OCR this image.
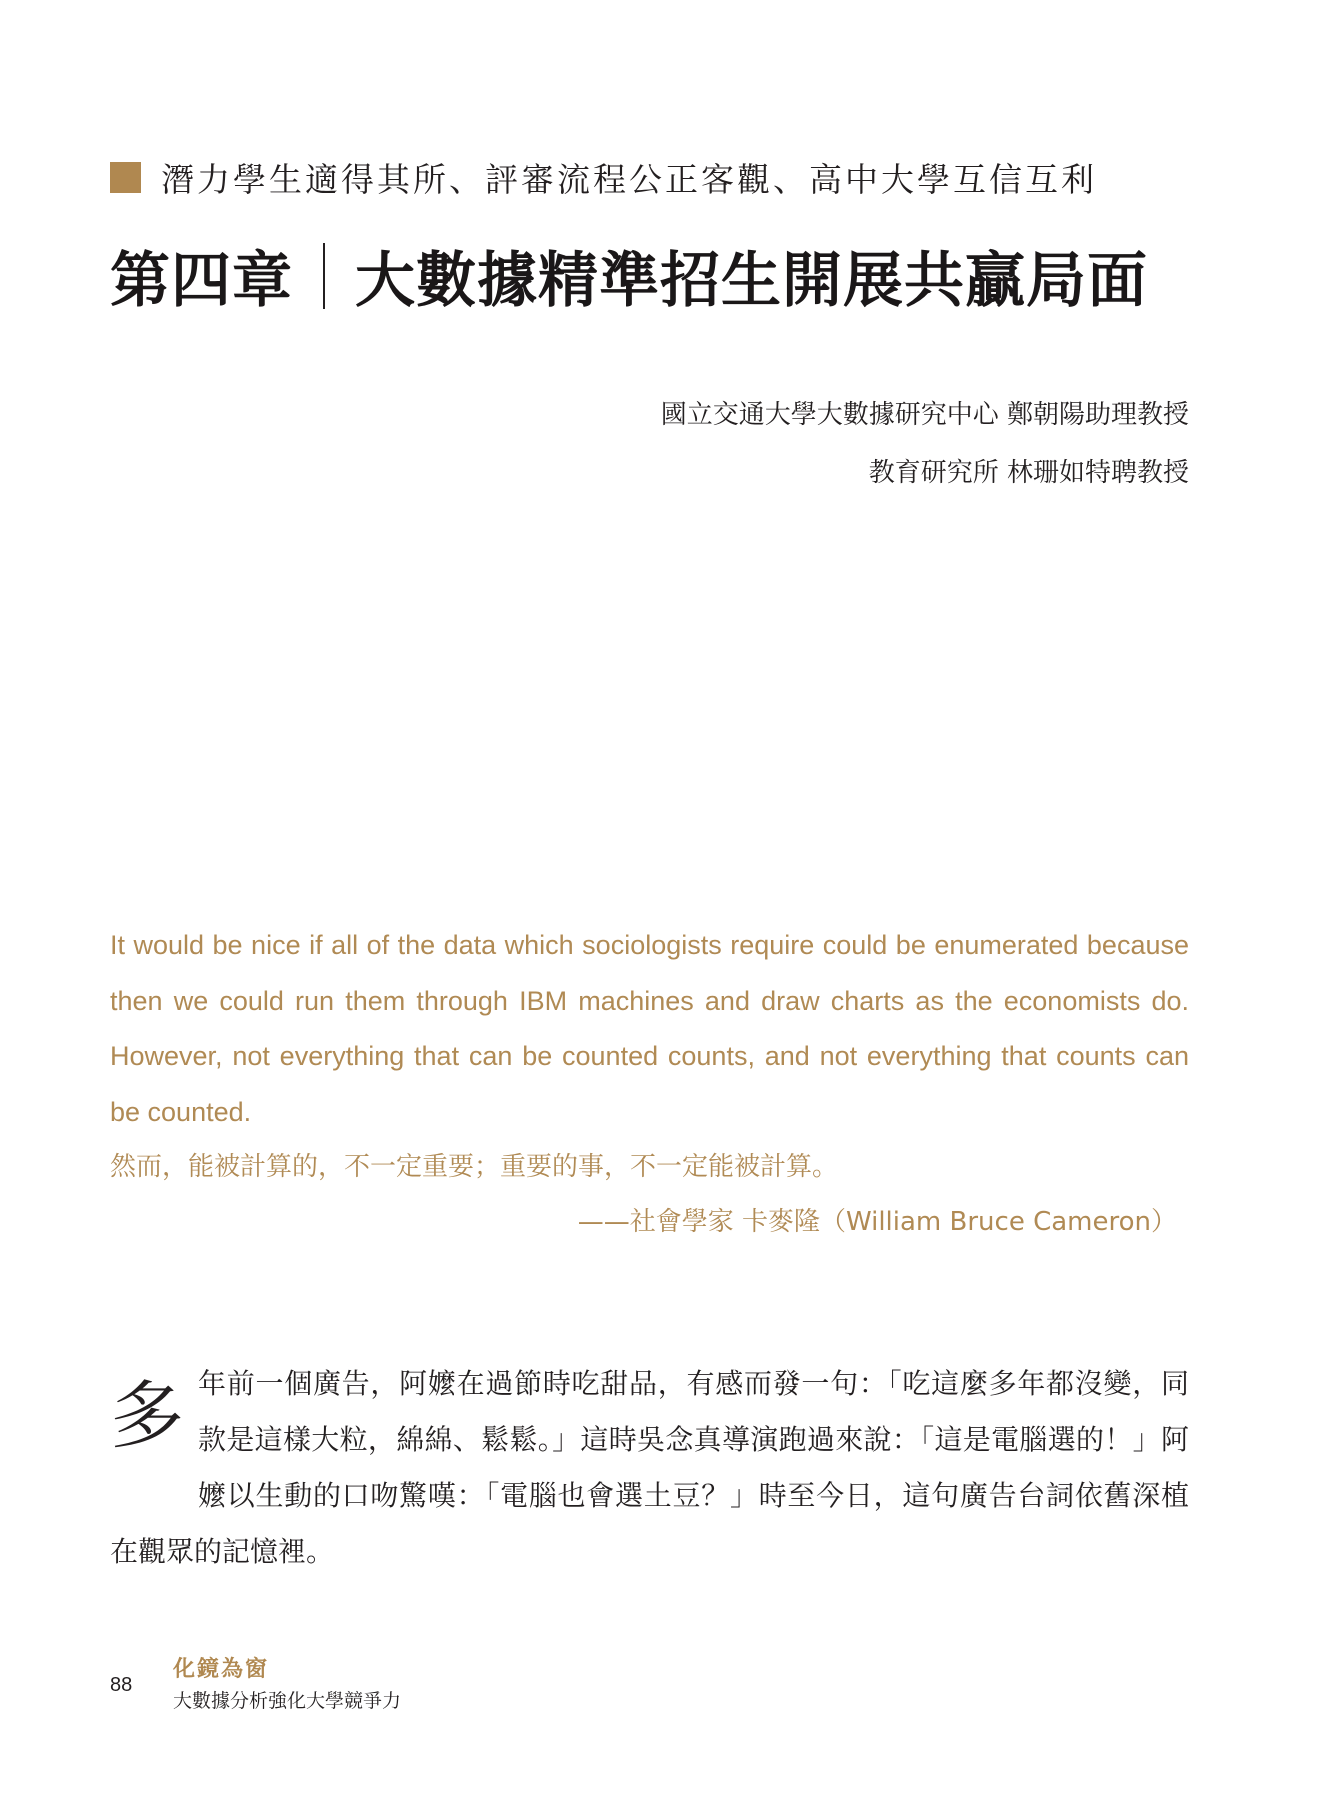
潛力學生適得其所、評審流程公正客觀、高中大學互信互利
第四章 大數據精準招生開展共贏局面
國立交通大學大數據研究中心 鄭朝陽助理教授
教育研究所 林珊如特聘教授
It would be nice if all of the data which sociologists require could be enumerated because then we could run them through IBM machines and draw charts as the economists do. However, not everything that can be counted counts, and not everything that counts can be counted.
然而，能被計算的，不一定重要；重要的事，不一定能被計算。
——社會學家 卡麥隆（William Bruce Cameron）
多 年前一個廣告，阿嬤在過節時吃甜品，有感而發一句：「吃這麼多年都沒變，同款是這樣大粒，綿綿、鬆鬆。」這時吳念真導演跑過來說：「這是電腦選的！」阿嬤以生動的口吻驚嘆：「電腦也會選土豆？」時至今日，這句廣告台詞依舊深植在觀眾的記憶裡。
88
化鏡為窗
大數據分析強化大學競爭力
